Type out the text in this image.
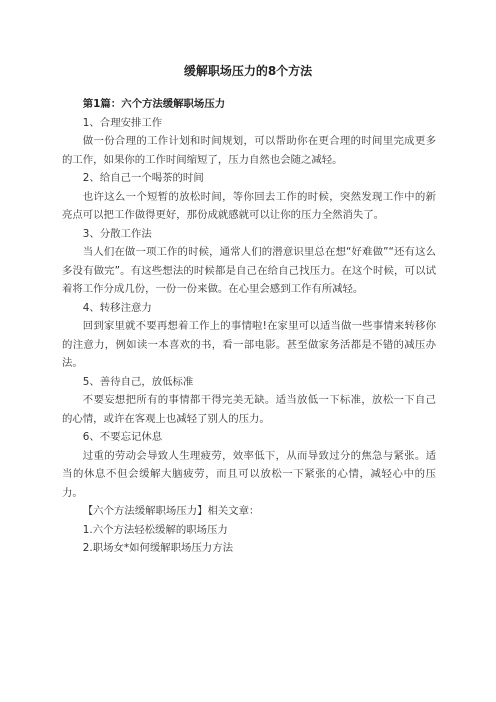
缓解职场压力的8个方法

第1篇：六个方法缓解职场压力

1、合理安排工作

做一份合理的工作计划和时间规划，可以帮助你在更合理的时间里完成更多的工作，如果你的工作时间缩短了，压力自然也会随之减轻。

2、给自己一个喝茶的时间

也许这么一个短暂的放松时间，等你回去工作的时候，突然发现工作中的新亮点可以把工作做得更好，那份成就感就可以让你的压力全然消失了。

3、分散工作法

当人们在做一项工作的时候，通常人们的潜意识里总在想“好难做”“还有这么多没有做完”。有这些想法的时候都是自己在给自己找压力。在这个时候，可以试着将工作分成几份，一份一份来做。在心里会感到工作有所减轻。

4、转移注意力

回到家里就不要再想着工作上的事情啦!在家里可以适当做一些事情来转移你的注意力，例如读一本喜欢的书，看一部电影。甚至做家务活都是不错的减压办法。

5、善待自己，放低标准

不要妄想把所有的事情都干得完美无缺。适当放低一下标准，放松一下自己的心情，或许在客观上也减轻了别人的压力。

6、不要忘记休息

过重的劳动会导致人生理疲劳，效率低下，从而导致过分的焦急与紧张。适当的休息不但会缓解大脑疲劳，而且可以放松一下紧张的心情，减轻心中的压力。

【六个方法缓解职场压力】相关文章：

1.六个方法轻松缓解的职场压力

2.职场女*如何缓解职场压力方法
